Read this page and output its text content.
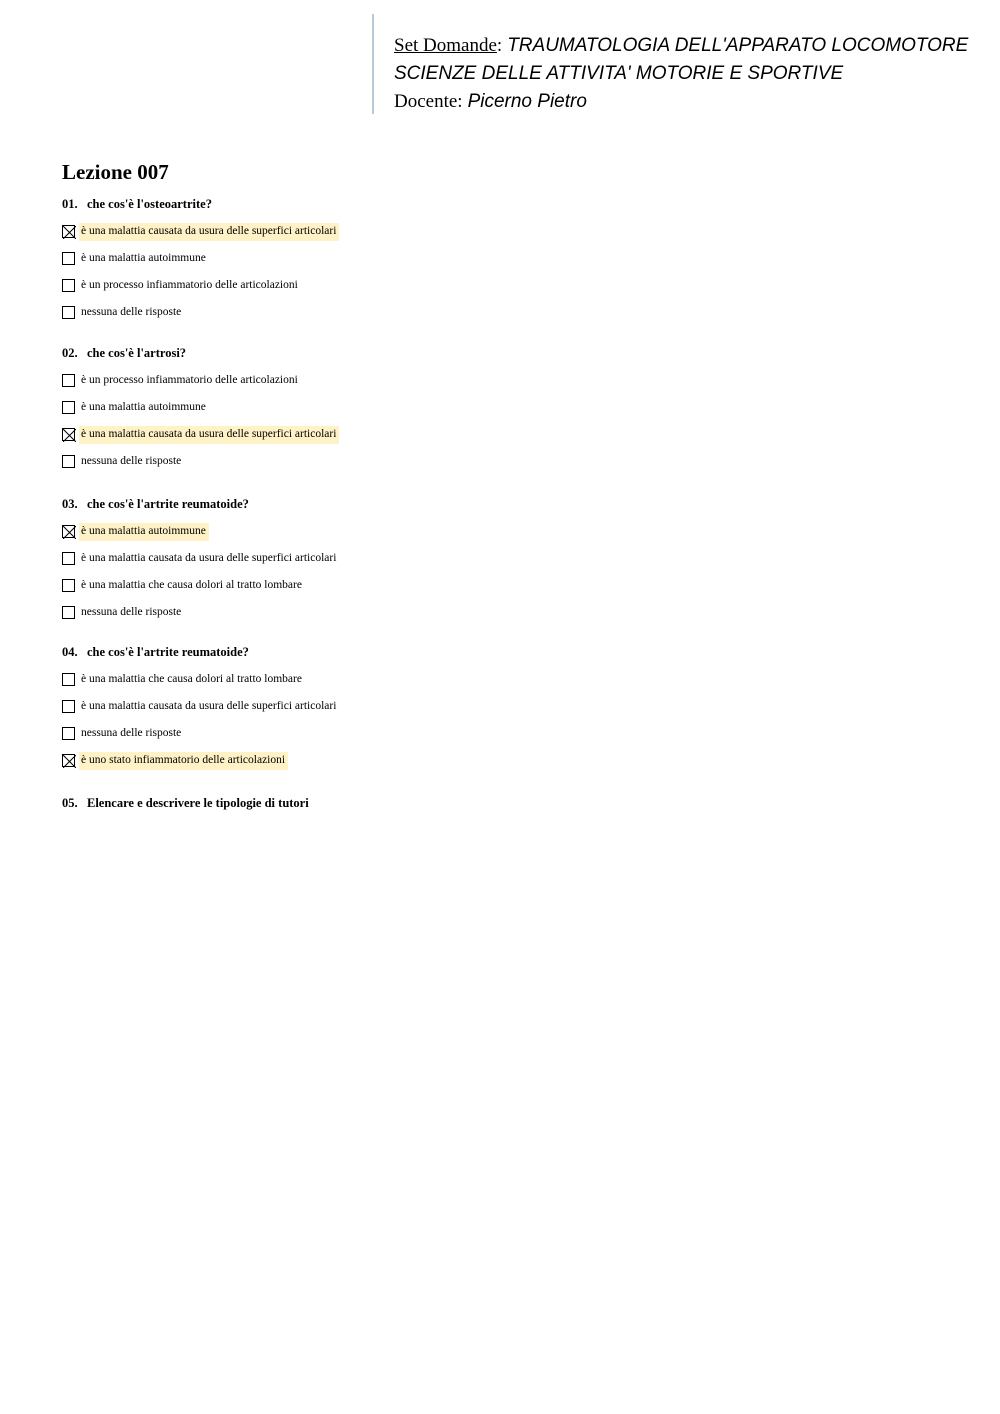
Set Domande: TRAUMATOLOGIA DELL'APPARATO LOCOMOTORE
SCIENZE DELLE ATTIVITA' MOTORIE E SPORTIVE
Docente: Picerno Pietro
Lezione 007
01. che cos'è l'osteoartrite?
è una malattia causata da usura delle superfici articolari
è una malattia autoimmune
è un processo infiammatorio delle articolazioni
nessuna delle risposte
02. che cos'è l'artrosi?
è un processo infiammatorio delle articolazioni
è una malattia autoimmune
è una malattia causata da usura delle superfici articolari
nessuna delle risposte
03. che cos'è l'artrite reumatoide?
è una malattia autoimmune
è una malattia causata da usura delle superfici articolari
è una malattia che causa dolori al tratto lombare
nessuna delle risposte
04. che cos'è l'artrite reumatoide?
è una malattia che causa dolori al tratto lombare
è una malattia causata da usura delle superfici articolari
nessuna delle risposte
è uno stato infiammatorio delle articolazioni
05. Elencare e descrivere le tipologie di tutori
